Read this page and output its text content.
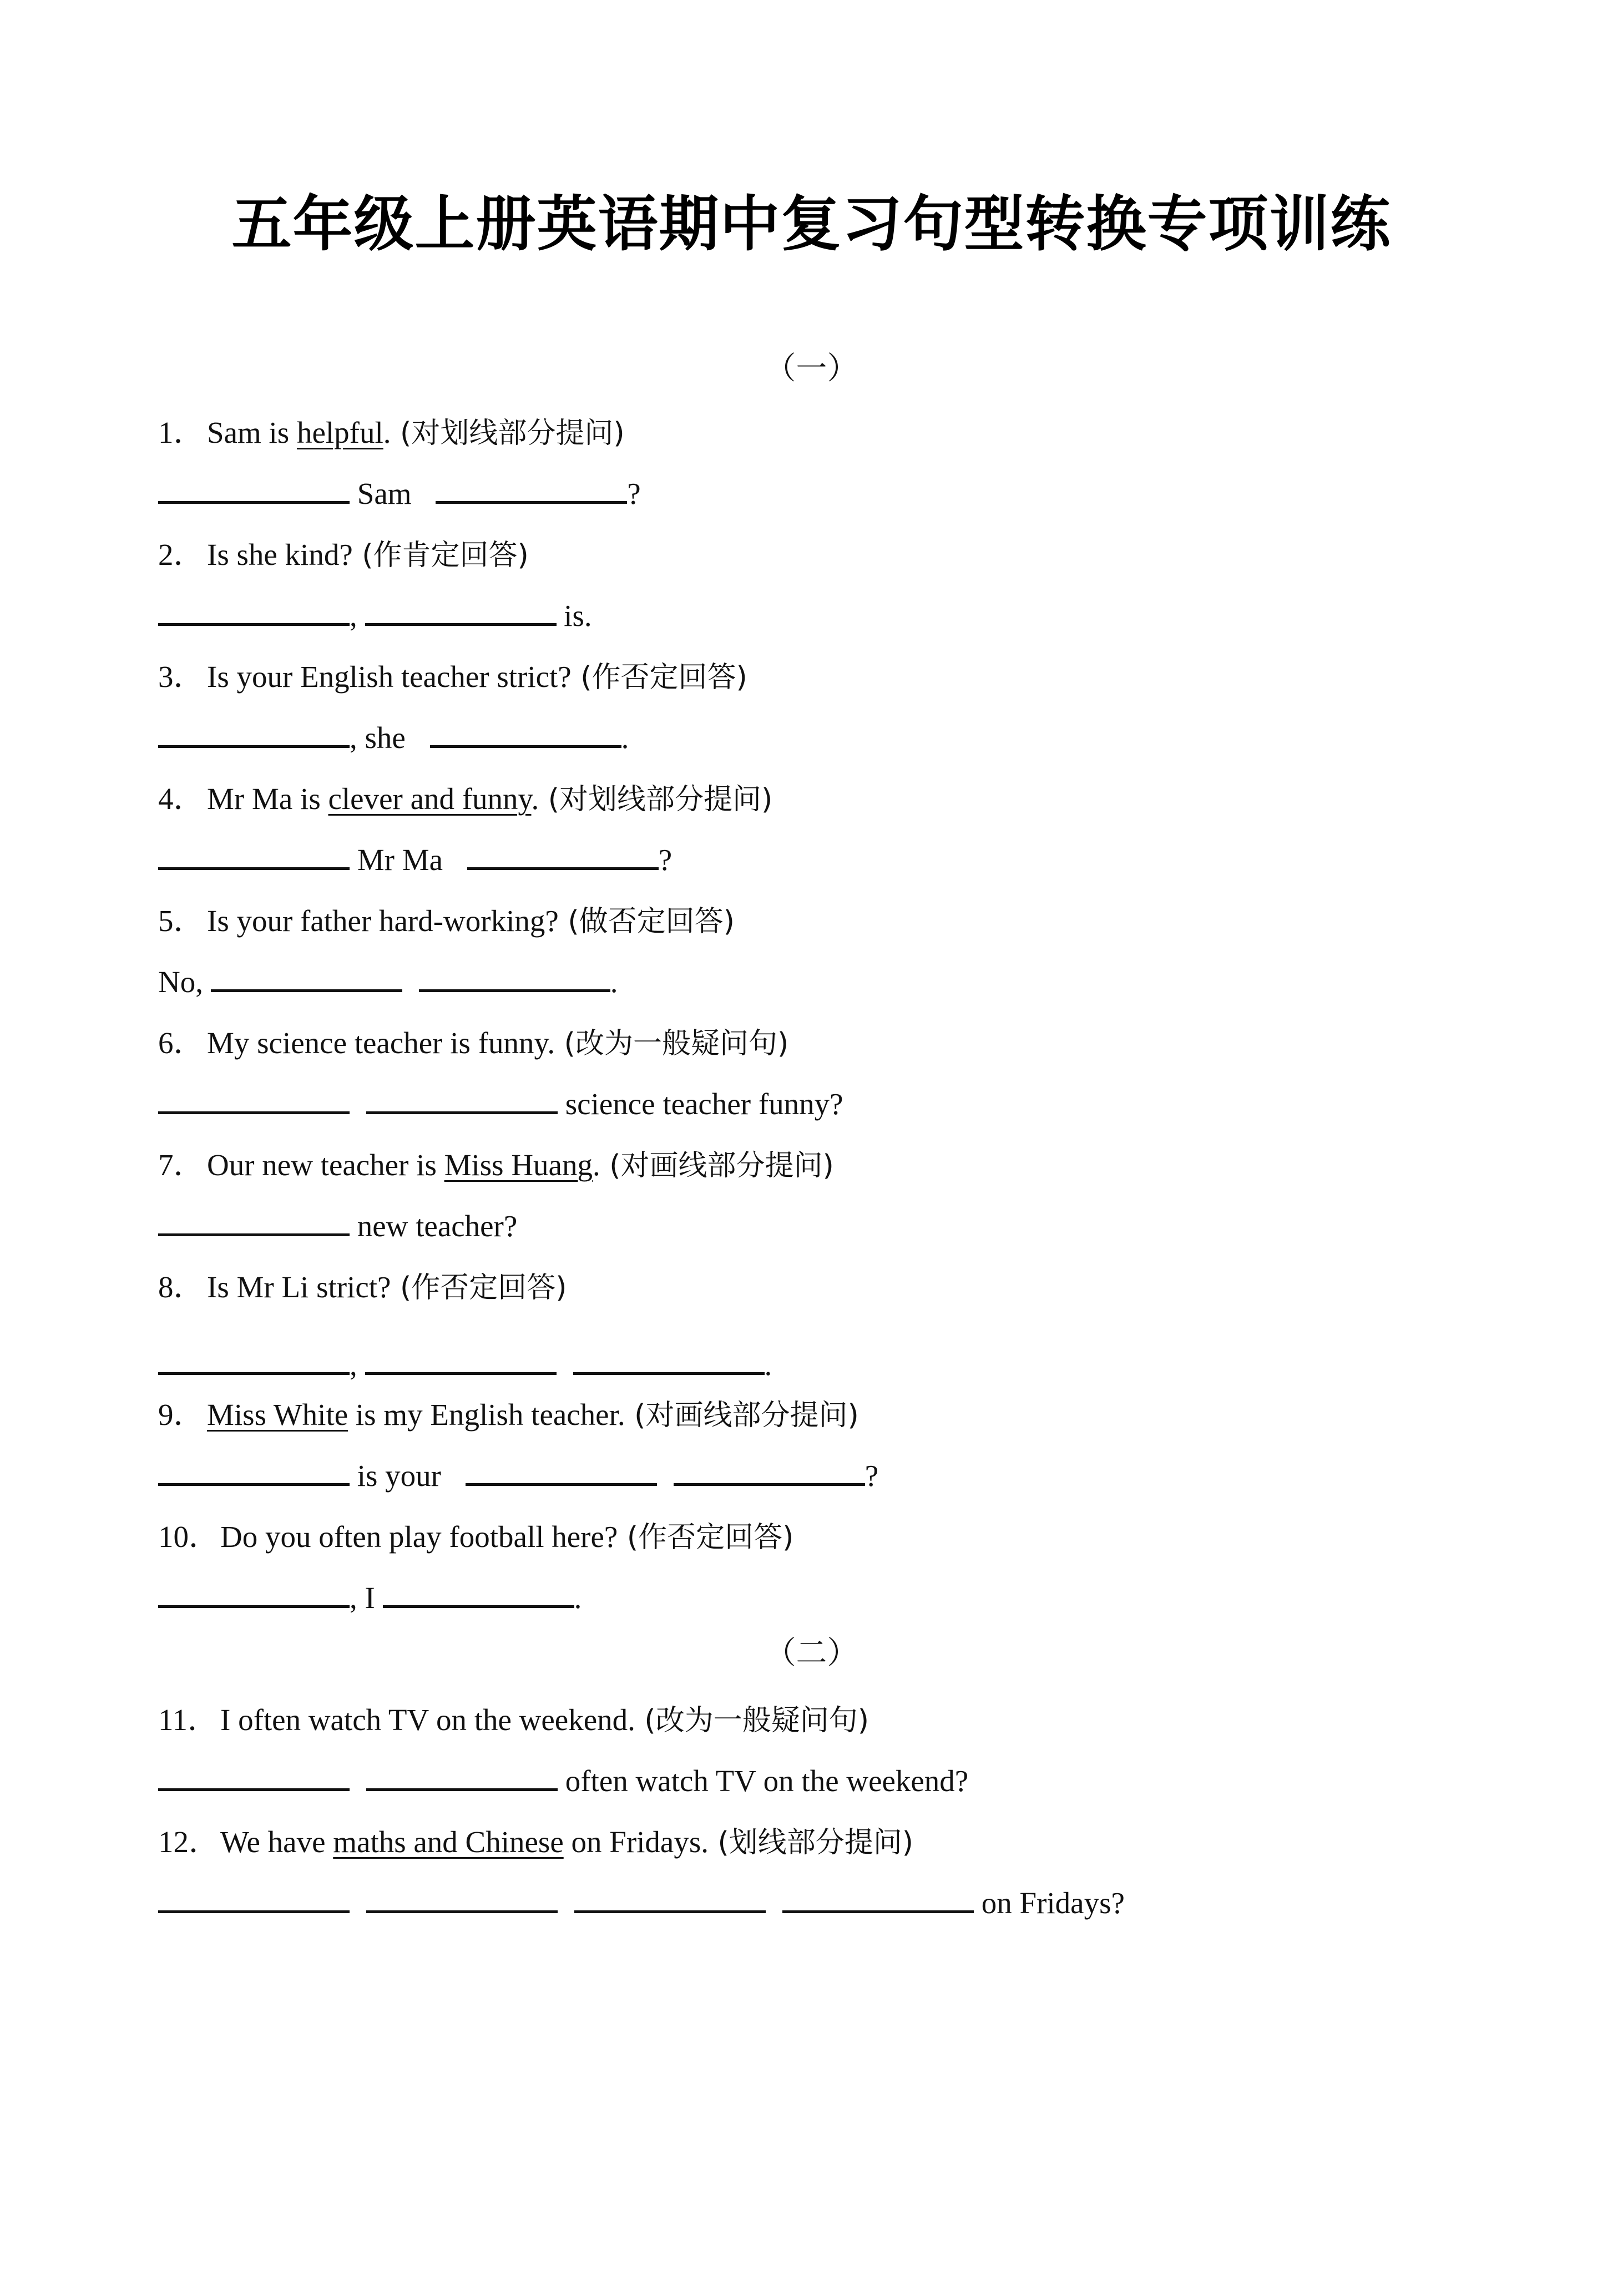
五年级上册英语期中复习句型转换专项训练
（一）
1．Sam is helpful. (对划线部分提问)
Sam	?
2．Is she kind? (作肯定回答)
,	is.
3．Is your English teacher strict? (作否定回答)
, she	.
4．Mr Ma is clever and funny. (对划线部分提问)
Mr Ma	?
5．Is your father hard-working? (做否定回答)
No,	.
6．My science teacher is funny. (改为一般疑问句)
science teacher funny?
7．Our new teacher is Miss Huang. (对画线部分提问)
new teacher?
8．Is Mr Li strict? (作否定回答)
,	.
9．Miss White is my English teacher. (对画线部分提问)
is your	?
10．Do you often play football here? (作否定回答)
, I	.
（二）
11．I often watch TV on the weekend. (改为一般疑问句)
often watch TV on the weekend?
12．We have maths and Chinese on Fridays. (划线部分提问)
on Fridays?
